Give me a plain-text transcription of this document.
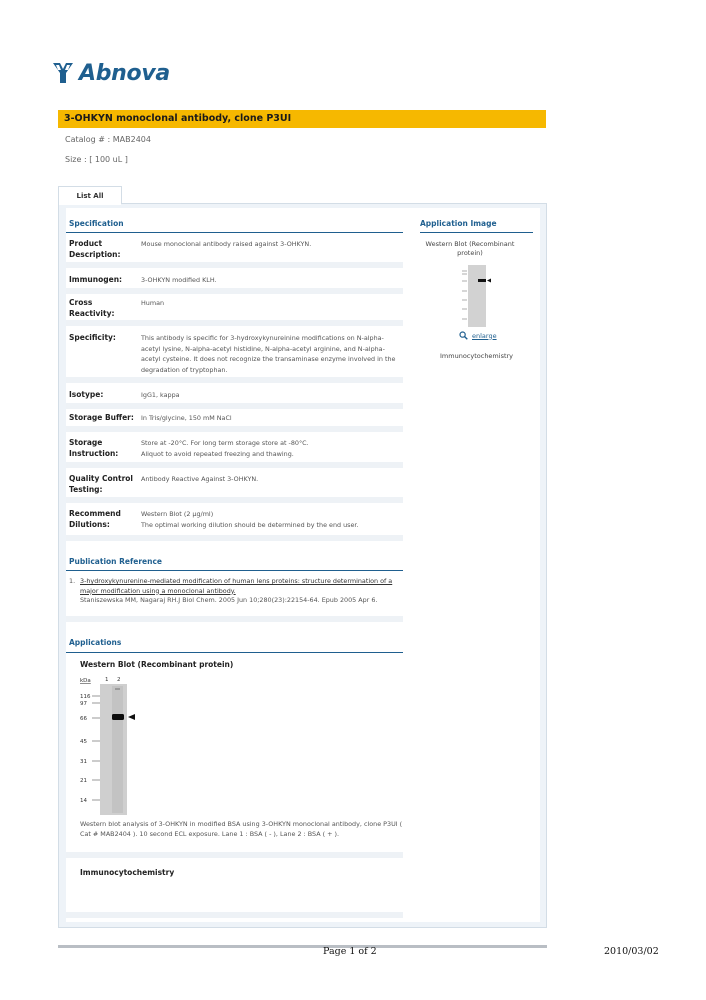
Abnova
3-OHKYN monoclonal antibody, clone P3UI
Catalog # : MAB2404
Size : [ 100 uL ]
List All
Specification
Product Description:
Mouse monoclonal antibody raised against 3-OHKYN.
Immunogen:	3-OHKYN modified KLH.
Cross Reactivity:
Human
Specificity:	This antibody is specific for 3-hydroxykynureinine modifications on N-alpha-acetyl lysine, N-alpha-acetyl histidine, N-alpha-acetyl arginine, and N-alpha-acetyl cysteine. It does not recognize the transaminase enzyme involved in the degradation of tryptophan.
Isotype:	IgG1, kappa
Storage Buffer:	In Tris/glycine, 150 mM NaCl
Storage Instruction:
Store at -20°C. For long term storage store at -80°C.
Aliquot to avoid repeated freezing and thawing.
Quality Control Testing:
Antibody Reactive Against 3-OHKYN.
Recommend Dilutions:
Western Blot (2 µg/ml)
The optimal working dilution should be determined by the end user.
Application Image
Western Blot (Recombinant protein)
enlarge
Immunocytochemistry
Publication Reference
1. 3-hydroxykynurenine-mediated modification of human lens proteins: structure determination of a major modification using a monoclonal antibody.
Staniszewska MM, Nagaraj RH.J Biol Chem. 2005 Jun 10;280(23):22154-64. Epub 2005 Apr 6.
Applications
Western Blot (Recombinant protein)
kDa	1 2
116
97
66
45
31
21
14
Western blot analysis of 3-OHKYN in modified BSA using 3-OHKYN monoclonal antibody, clone P3UI ( Cat # MAB2404 ). 10 second ECL exposure. Lane 1 : BSA ( - ), Lane 2 : BSA ( + ).
Immunocytochemistry
Page 1 of 2	2010/03/02
